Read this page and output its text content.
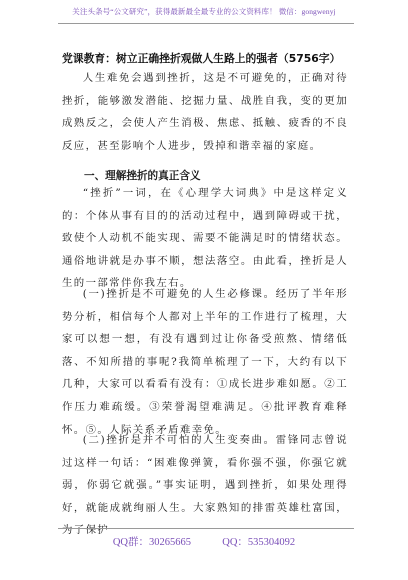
关注头条号“公文研究”，获得最新最全最专业的公文资料库！ 微信：gongwenyj
党课教育：树立正确挫折观做人生路上的强者（5756字）

人生难免会遇到挫折，这是不可避免的，正确对待挫折，能够激发潜能、挖掘力量、战胜自我，变的更加成熟反之，会使人产生消极、焦虑、抵触、疲香的不良反应，甚至影响个人进步，毁掉和谐幸福的家庭。

一、理解挫折的真正含义

“挫折”一词，在《心理学大词典》中是这样定义的：个体从事有目的的活动过程中，遇到障碍或干扰，致使个人动机不能实现、需要不能满足时的情绪状态。通俗地讲就是办事不顺，想法落空。由此看，挫折是人生的一部常伴你我左右。

(一)挫折是不可避免的人生必修课。经历了半年形势分析，相信每个人都对上半年的工作进行了梳理，大家可以想一想，有没有遇到过让你备受煎熬、情绪低落、不知所措的事呢?我简单梳理了一下，大约有以下几种，大家可以看看有没有：①成长进步难如愿。②工作压力难疏缓。③荣誉渴望难满足。④批评教育难释怀。⑤。人际关系矛盾难幸免。

(二)挫折是并不可怕的人生变奏曲。雷锋同志曾说过这样一句话：“困难像弹簧，看你强不强，你强它就弱，你弱它就强。”事实证明，遇到挫折，如果处理得好，就能成就绚丽人生。大家熟知的排雷英雄杜富国，为了保护

QQ群：30265665	QQ：535304092
